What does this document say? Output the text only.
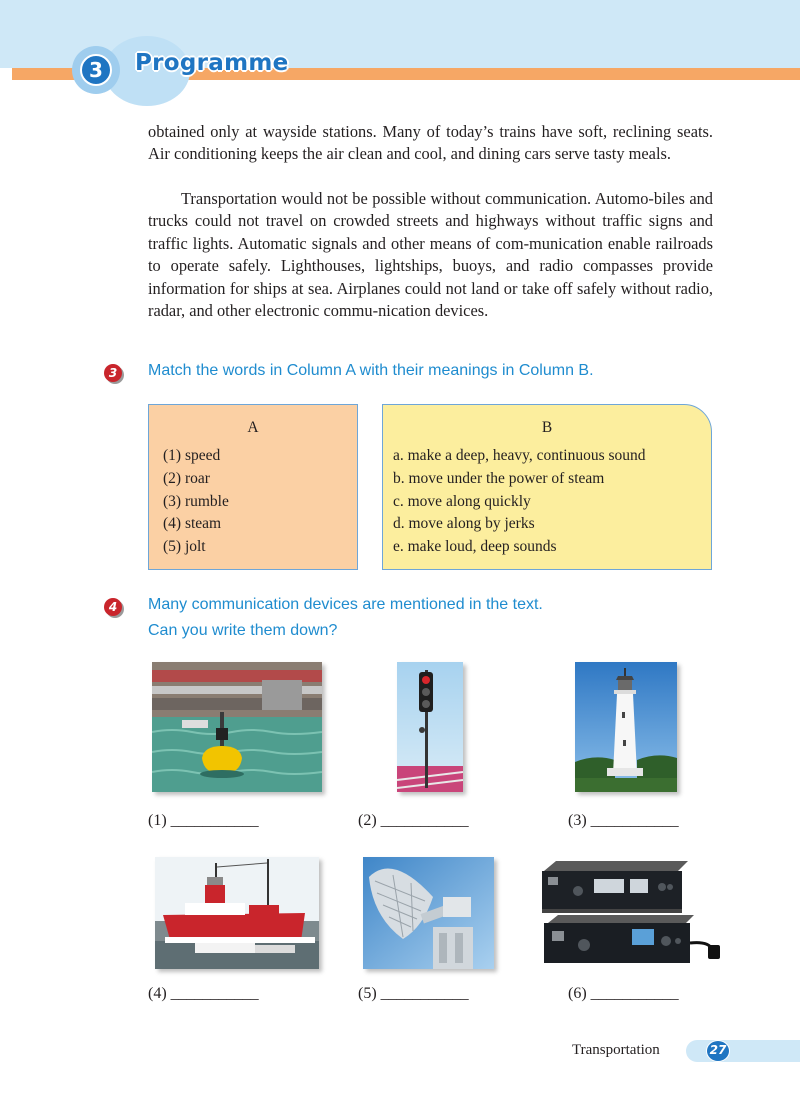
3	Programme

obtained only at wayside stations. Many of today’s trains have soft, reclining seats. Air conditioning keeps the air clean and cool, and dining cars serve tasty meals.

Transportation would not be possible without communication. Automo-biles and trucks could not travel on crowded streets and highways without traffic signs and traffic lights. Automatic signals and other means of com-munication enable railroads to operate safely. Lighthouses, lightships, buoys, and radio compasses provide information for ships at sea. Airplanes could not land or take off safely without radio, radar, and other electronic commu-nication devices.

3	Match the words in Column A with their meanings in Column B.
A
(1) speed
(2) roar
(3) rumble
(4) steam
(5) jolt
B
a. make a deep, heavy, continuous sound
b. move under the power of steam
c. move along quickly
d. move along by jerks
e. make loud, deep sounds
4	Many communication devices are mentioned in the text.
Can you write them down?
(1) ___________	(2) ___________	(3) ___________
(4) ___________	(5) ___________	(6) ___________
Transportation	27
